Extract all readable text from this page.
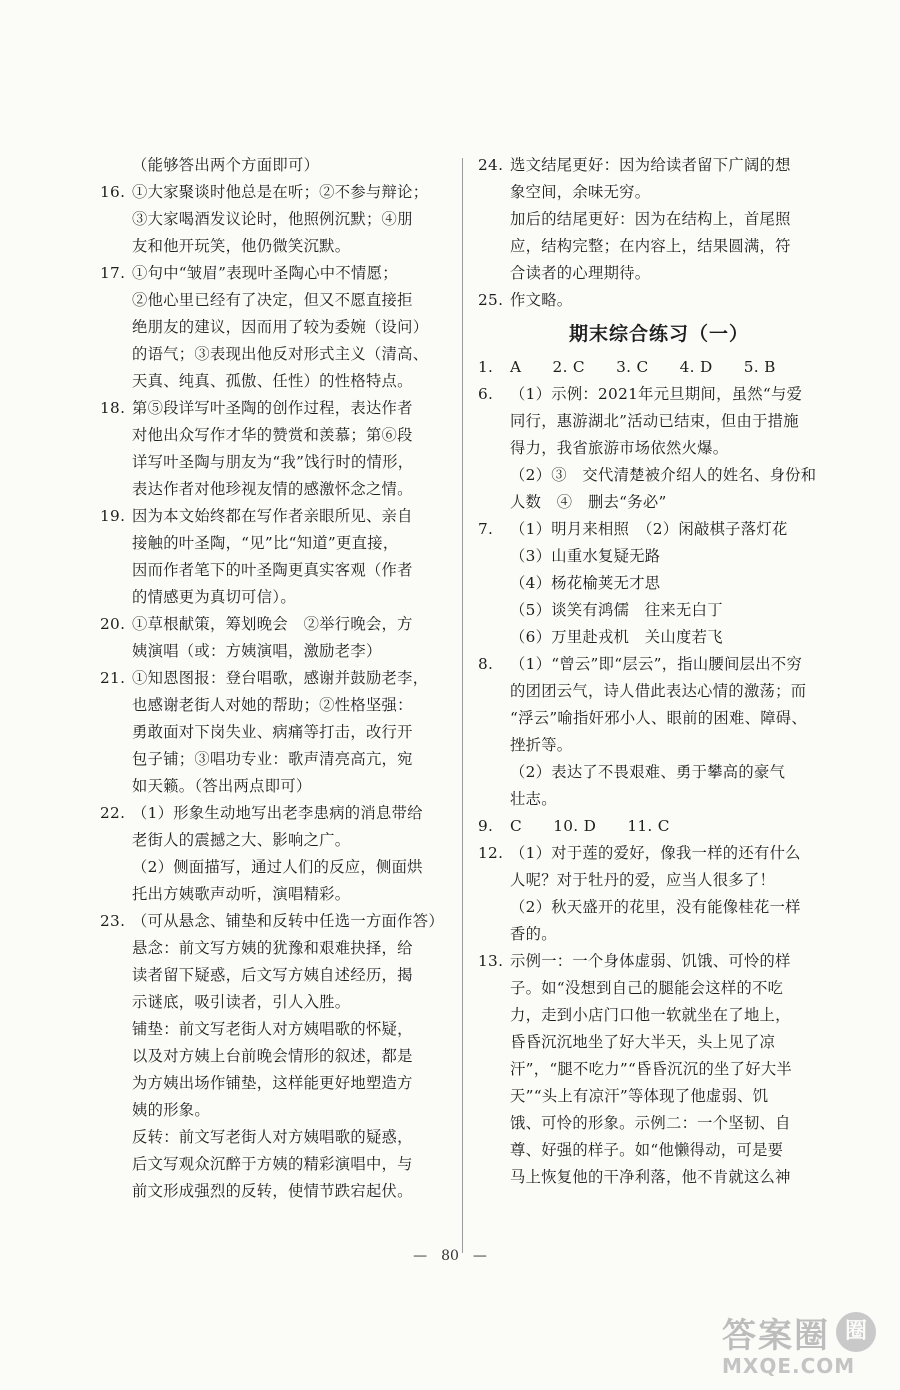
（能够答出两个方面即可）
16. ①大家聚谈时他总是在听；②不参与辩论；
③大家喝酒发议论时，他照例沉默；④朋
友和他开玩笑，他仍微笑沉默。
17. ①句中“皱眉”表现叶圣陶心中不情愿；
②他心里已经有了决定，但又不愿直接拒
绝朋友的建议，因而用了较为委婉（设问）
的语气；③表现出他反对形式主义（清高、
天真、纯真、孤傲、任性）的性格特点。
18. 第⑤段详写叶圣陶的创作过程，表达作者
对他出众写作才华的赞赏和羡慕；第⑥段
详写叶圣陶与朋友为“我”饯行时的情形，
表达作者对他珍视友情的感激怀念之情。
19. 因为本文始终都在写作者亲眼所见、亲自
接触的叶圣陶，“见”比“知道”更直接，
因而作者笔下的叶圣陶更真实客观（作者
的情感更为真切可信）。
20. ①草根献策，筹划晚会　②举行晚会，方
姨演唱（或：方姨演唱，激励老李）
21. ①知恩图报：登台唱歌，感谢并鼓励老李，
也感谢老街人对她的帮助；②性格坚强：
勇敢面对下岗失业、病痛等打击，改行开
包子铺；③唱功专业：歌声清亮高亢，宛
如天籁。（答出两点即可）
22. （1）形象生动地写出老李患病的消息带给
老街人的震撼之大、影响之广。
（2）侧面描写，通过人们的反应，侧面烘
托出方姨歌声动听，演唱精彩。
23. （可从悬念、铺垫和反转中任选一方面作答）
悬念：前文写方姨的犹豫和艰难抉择，给
读者留下疑惑，后文写方姨自述经历，揭
示谜底，吸引读者，引人入胜。
铺垫：前文写老街人对方姨唱歌的怀疑，
以及对方姨上台前晚会情形的叙述，都是
为方姨出场作铺垫，这样能更好地塑造方
姨的形象。
反转：前文写老街人对方姨唱歌的疑惑，
后文写观众沉醉于方姨的精彩演唱中，与
前文形成强烈的反转，使情节跌宕起伏。
24. 选文结尾更好：因为给读者留下广阔的想
象空间，余味无穷。
加后的结尾更好：因为在结构上，首尾照
应，结构完整；在内容上，结果圆满，符
合读者的心理期待。
25. 作文略。
期末综合练习（一）
1. A　　2. C　　3. C　　4. D　　5. B
6. （1）示例：2021年元旦期间，虽然“与爱
同行，惠游湖北”活动已结束，但由于措施
得力，我省旅游市场依然火爆。
（2）③　交代清楚被介绍人的姓名、身份和
人数　④　删去“务必”
7. （1）明月来相照　（2）闲敲棋子落灯花
（3）山重水复疑无路
（4）杨花榆荚无才思
（5）谈笑有鸿儒　往来无白丁
（6）万里赴戎机　关山度若飞
8. （1）“曾云”即“层云”，指山腰间层出不穷
的团团云气，诗人借此表达心情的激荡；而
“浮云”喻指奸邪小人、眼前的困难、障碍、
挫折等。
（2）表达了不畏艰难、勇于攀高的豪气
壮志。
9. C　　10. D　　11. C
12. （1）对于莲的爱好，像我一样的还有什么
人呢？对于牡丹的爱，应当人很多了！
（2）秋天盛开的花里，没有能像桂花一样
香的。
13. 示例一：一个身体虚弱、饥饿、可怜的样
子。如“没想到自己的腿能会这样的不吃
力，走到小店门口他一软就坐在了地上，
昏昏沉沉地坐了好大半天，头上见了凉
汗”，“腿不吃力”“昏昏沉沉的坐了好大半
天”“头上有凉汗”等体现了他虚弱、饥
饿、可怜的形象。示例二：一个坚韧、自
尊、好强的样子。如“他懒得动，可是要
马上恢复他的干净利落，他不肯就这么神
—　80　—
答案圈 圈
MXQE.COM
